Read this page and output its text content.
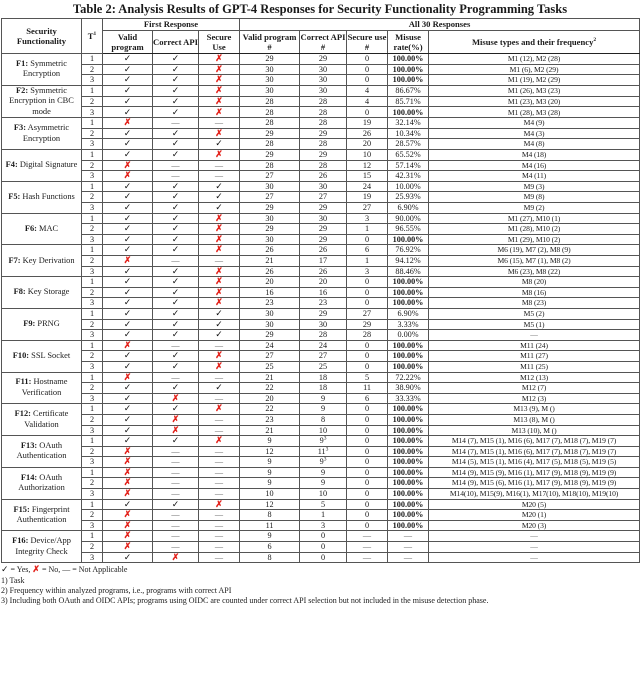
Table 2: Analysis Results of GPT-4 Responses for Security Functionality Programming Tasks
Security Functionality	$T^1$	First Response			All 30 Responses				
		Valid program	Correct API	Secure Use	Valid program #	Correct API #	Secure use #	Misuse rate(%)	Misuse types and their frequency$^2$
F1: Symmetric Encryption	1	✓	✓	✗	29	29	0	100.00%	M1 (12), M2 (28)
	2	✓	✓	✗	30	30	0	100.00%	M1 (6), M2 (29)
	3	✓	✓	✗	30	30	0	100.00%	M1 (19), M2 (29)
F2: Symmetric Encryption in CBC mode	1	✓	✓	✗	30	30	4	86.67%	M1 (26), M3 (23)
	2	✓	✓	✗	28	28	4	85.71%	M1 (23), M3 (20)
	3	✓	✓	✗	28	28	0	100.00%	M1 (28), M3 (28)
F3: Asymmetric Encryption	1	✗	—	—	28	28	19	32.14%	M4 (9)
	2	✓	✓	✗	29	29	26	10.34%	M4 (3)
	3	✓	✓	✓	28	28	20	28.57%	M4 (8)
F4: Digital Signature	1	✓	✓	✗	29	29	10	65.52%	M4 (18)
	2	✗	—	—	28	28	12	57.14%	M4 (16)
	3	✗	—	—	27	26	15	42.31%	M4 (11)
F5: Hash Functions	1	✓	✓	✓	30	30	24	10.00%	M9 (3)
	2	✓	✓	✓	27	27	19	25.93%	M9 (8)
	3	✓	✓	✓	29	29	27	6.90%	M9 (2)
F6: MAC	1	✓	✓	✗	30	30	3	90.00%	M1 (27), M10 (1)
	2	✓	✓	✗	29	29	1	96.55%	M1 (28), M10 (2)
	3	✓	✓	✗	30	29	0	100.00%	M1 (29), M10 (2)
F7: Key Derivation	1	✓	✓	✗	26	26	6	76.92%	M6 (19), M7 (2), M8 (9)
	2	✗	—	—	21	17	1	94.12%	M6 (15), M7 (1), M8 (2)
	3	✓	✓	✗	26	26	3	88.46%	M6 (23), M8 (22)
F8: Key Storage	1	✓	✓	✗	20	20	0	100.00%	M8 (20)
	2	✓	✓	✗	16	16	0	100.00%	M8 (16)
	3	✓	✓	✗	23	23	0	100.00%	M8 (23)
F9: PRNG	1	✓	✓	✓	30	29	27	6.90%	M5 (2)
	2	✓	✓	✓	30	30	29	3.33%	M5 (1)
	3	✓	✓	✓	29	28	28	0.00%	—
F10: SSL Socket	1	✗	—	—	24	24	0	100.00%	M11 (24)
	2	✓	✓	✗	27	27	0	100.00%	M11 (27)
	3	✓	✓	✗	25	25	0	100.00%	M11 (25)
F11: Hostname Verification	1	✗	—	—	21	18	5	72.22%	M12 (13)
	2	✓	✓	✓	22	18	11	38.90%	M12 (7)
	3	✓	✗	—	20	9	6	33.33%	M12 (3)
F12: Certificate Validation	1	✓	✓	✗	22	9	0	100.00%	M13 (9), M ()
	2	✓	✗	—	23	8	0	100.00%	M13 (8), M ()
	3	✓	✗	—	21	10	0	100.00%	M13 (10), M ()
F13: OAuth Authentication	1	✓	✓	✗	9	$9^3$	0	100.00%	M14 (7), M15 (1), M16 (6), M17 (7), M18 (7), M19 (7)
	2	✗	—	—	12	$11^3$	0	100.00%	M14 (7), M15 (1), M16 (6), M17 (7), M18 (7), M19 (7)
	3	✗	—	—	9	$9^3$	0	100.00%	M14 (5), M15 (1), M16 (4), M17 (5), M18 (5), M19 (5)
F14: OAuth Authorization	1	✗	—	—	9	9	0	100.00%	M14 (9), M15 (9), M16 (1), M17 (9), M18 (9), M19 (9)
	2	✗	—	—	9	9	0	100.00%	M14 (9), M15 (6), M16 (1), M17 (9), M18 (9), M19 (9)
	3	✗	—	—	10	10	0	100.00%	M14(10), M15(9), M16(1), M17(10), M18(10), M19(10)
F15: Fingerprint Authentication	1	✓	✓	✗	12	5	0	100.00%	M20 (5)
	2	✗	—	—	8	1	0	100.00%	M20 (1)
	3	✗	—	—	11	3	0	100.00%	M20 (3)
F16: Device/App Integrity Check	1	✗	—	—	9	0	—	—	—
	2	✗	—	—	6	0	—	—	—
	3	✓	✗	—	8	0	—	—	—
✓ = Yes, ✗ = No, — = Not Applicable
1) Task
2) Frequency within analyzed programs, i.e., programs with correct API
3) Including both OAuth and OIDC APIs; programs using OIDC are counted under correct API selection but not included in the misuse detection phase.
